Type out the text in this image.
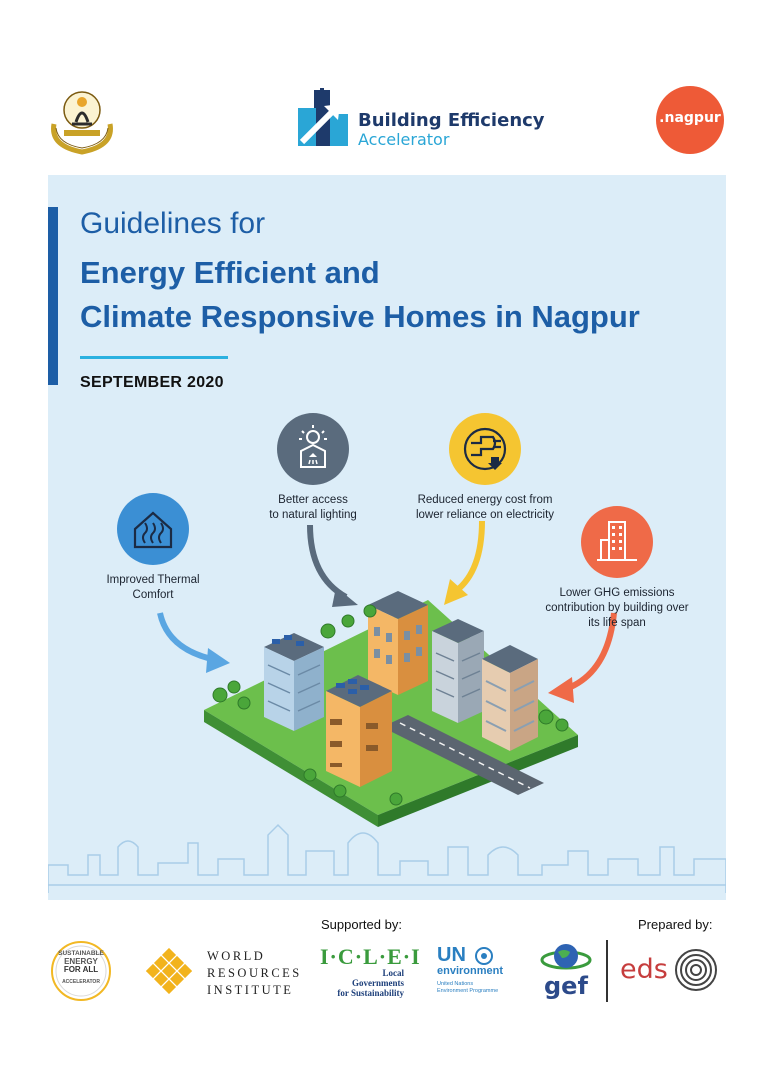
Building Efficiency
Accelerator
.nagpur
Guidelines for
Energy Efficient and
Climate Responsive Homes in Nagpur
SEPTEMBER 2020
Improved Thermal
Comfort
Better access
to natural lighting
Reduced energy cost from
lower reliance on electricity
Lower GHG emissions
contribution by building over
its life span
Supported by:	Prepared by:
SUSTAINABLE
ENERGY
FOR ALL
ACCELERATOR
WORLD
RESOURCES
INSTITUTE
I·C·L·E·I
Local
Governments
for Sustainability
UN
environment
United Nations
Environment Programme	gef
eds
